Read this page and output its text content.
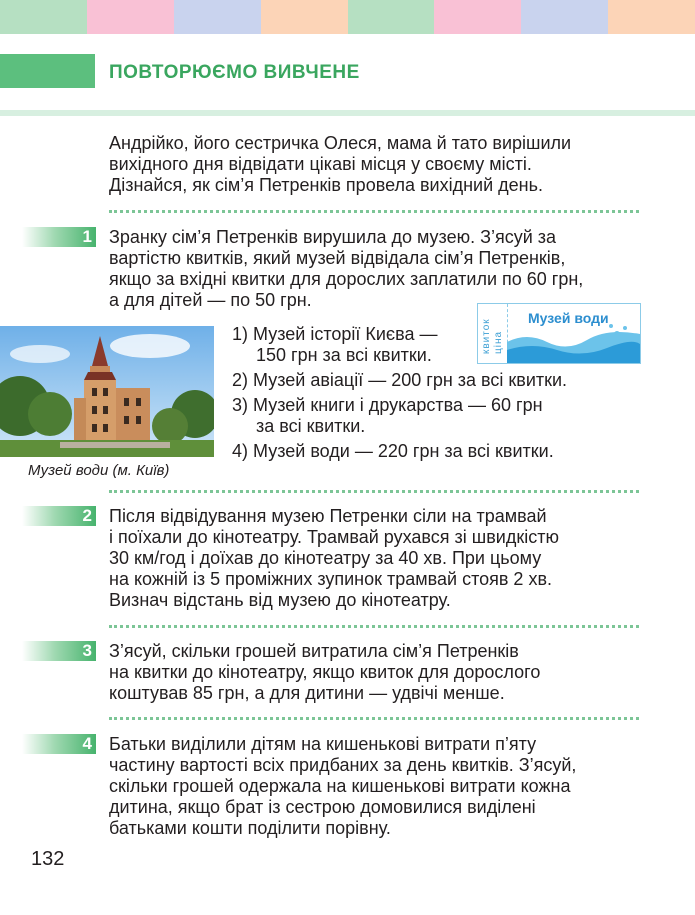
ПОВТОРЮЄМО ВИВЧЕНЕ

Андрійко, його сестричка Олеся, мама й тато вирішили

вихідного дня відвідати цікаві місця у своєму місті.

Дізнайся, як сім’я Петренків провела вихідний день.

1 Зранку сім’я Петренків вирушила до музею. З’ясуй за

вартістю квитків, який музей відвідала сім’я Петренків,

якщо за вхідні квитки для дорослих заплатили по 60 грн,

а для дітей — по 50 грн.

квиток ціна
Музей води
Музей води (м. Київ)

1) Музей історії Києва —

150 грн за всі квитки.

2) Музей авіації — 200 грн за всі квитки.

3) Музей книги і друкарства — 60 грн

за всі квитки.

4) Музей води — 220 грн за всі квитки.

2 Після відвідування музею Петренки сіли на трамвай

і поїхали до кінотеатру. Трамвай рухався зі швидкістю

30 км/год і доїхав до кінотеатру за 40 хв. При цьому

на кожній із 5 проміжних зупинок трамвай стояв 2 хв.

Визнач відстань від музею до кінотеатру.

3 З’ясуй, скільки грошей витратила сім’я Петренків

на квитки до кінотеатру, якщо квиток для дорослого

коштував 85 грн, а для дитини — удвічі менше.

4 Батьки виділили дітям на кишенькові витрати п’яту

частину вартості всіх придбаних за день квитків. З’ясуй,

скільки грошей одержала на кишенькові витрати кожна

дитина, якщо брат із сестрою домовилися виділені

батьками кошти поділити порівну.

132
